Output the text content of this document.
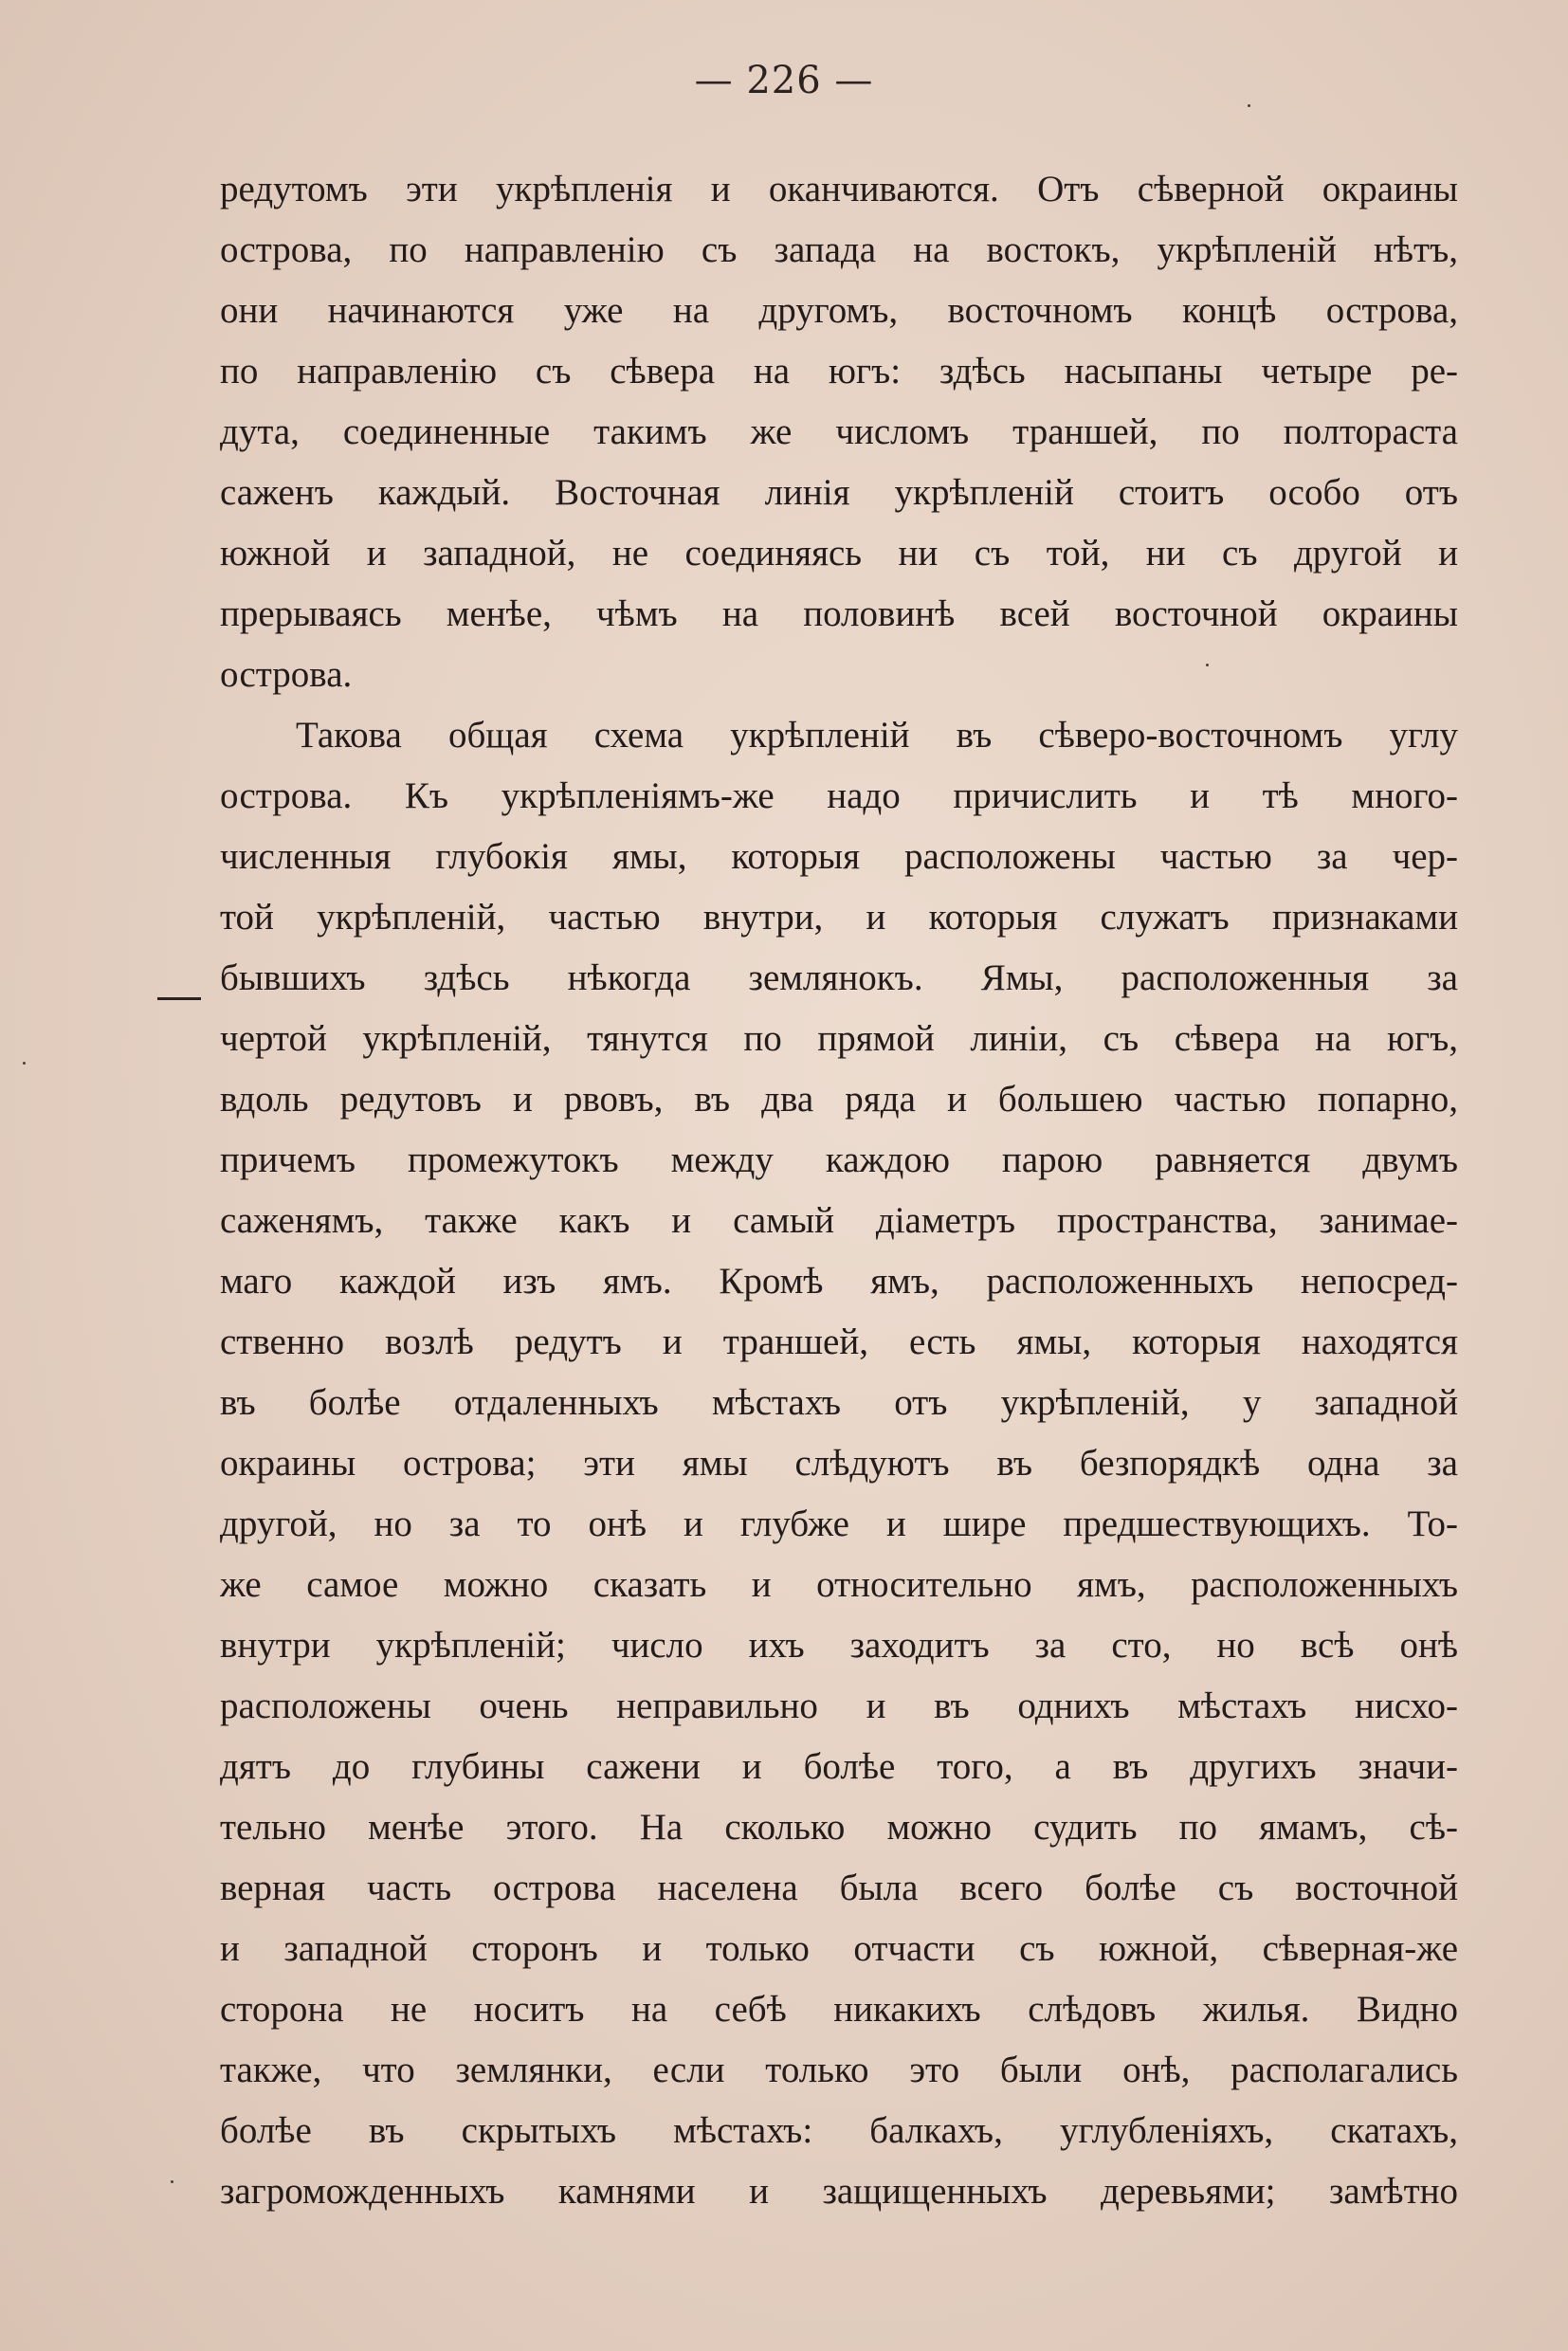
— 226 —
редутомъ эти укрѣпленія и оканчиваются. Отъ сѣверной окраины
острова, по направленію съ запада на востокъ, укрѣпленій нѣтъ,
они начинаются уже на другомъ, восточномъ концѣ острова,
по направленію съ сѣвера на югъ: здѣсь насыпаны четыре ре-
дута, соединенные такимъ же числомъ траншей, по полтораста
саженъ каждый. Восточная линія укрѣпленій стоитъ особо отъ
южной и западной, не соединяясь ни съ той, ни съ другой и
прерываясь менѣе, чѣмъ на половинѣ всей восточной окраины
острова.
Такова общая схема укрѣпленій въ сѣверо-восточномъ углу
острова. Къ укрѣпленіямъ-же надо причислить и тѣ много-
численныя глубокія ямы, которыя расположены частью за чер-
той укрѣпленій, частью внутри, и которыя служатъ признаками
бывшихъ здѣсь нѣкогда землянокъ. Ямы, расположенныя за
чертой укрѣпленій, тянутся по прямой линіи, съ сѣвера на югъ,
вдоль редутовъ и рвовъ, въ два ряда и большею частью попарно,
причемъ промежутокъ между каждою парою равняется двумъ
саженямъ, также какъ и самый діаметръ пространства, занимае-
маго каждой изъ ямъ. Кромѣ ямъ, расположенныхъ непосред-
ственно возлѣ редутъ и траншей, есть ямы, которыя находятся
въ болѣе отдаленныхъ мѣстахъ отъ укрѣпленій, у западной
окраины острова; эти ямы слѣдуютъ въ безпорядкѣ одна за
другой, но за то онѣ и глубже и шире предшествующихъ. То-
же самое можно сказать и относительно ямъ, расположенныхъ
внутри укрѣпленій; число ихъ заходитъ за сто, но всѣ онѣ
расположены очень неправильно и въ однихъ мѣстахъ нисхо-
дятъ до глубины сажени и болѣе того, а въ другихъ значи-
тельно менѣе этого. На сколько можно судить по ямамъ, сѣ-
верная часть острова населена была всего болѣе съ восточной
и западной сторонъ и только отчасти съ южной, сѣверная-же
сторона не носитъ на себѣ никакихъ слѣдовъ жилья. Видно
также, что землянки, если только это были онѣ, располагались
болѣе въ скрытыхъ мѣстахъ: балкахъ, углубленіяхъ, скатахъ,
загроможденныхъ камнями и защищенныхъ деревьями; замѣтно
